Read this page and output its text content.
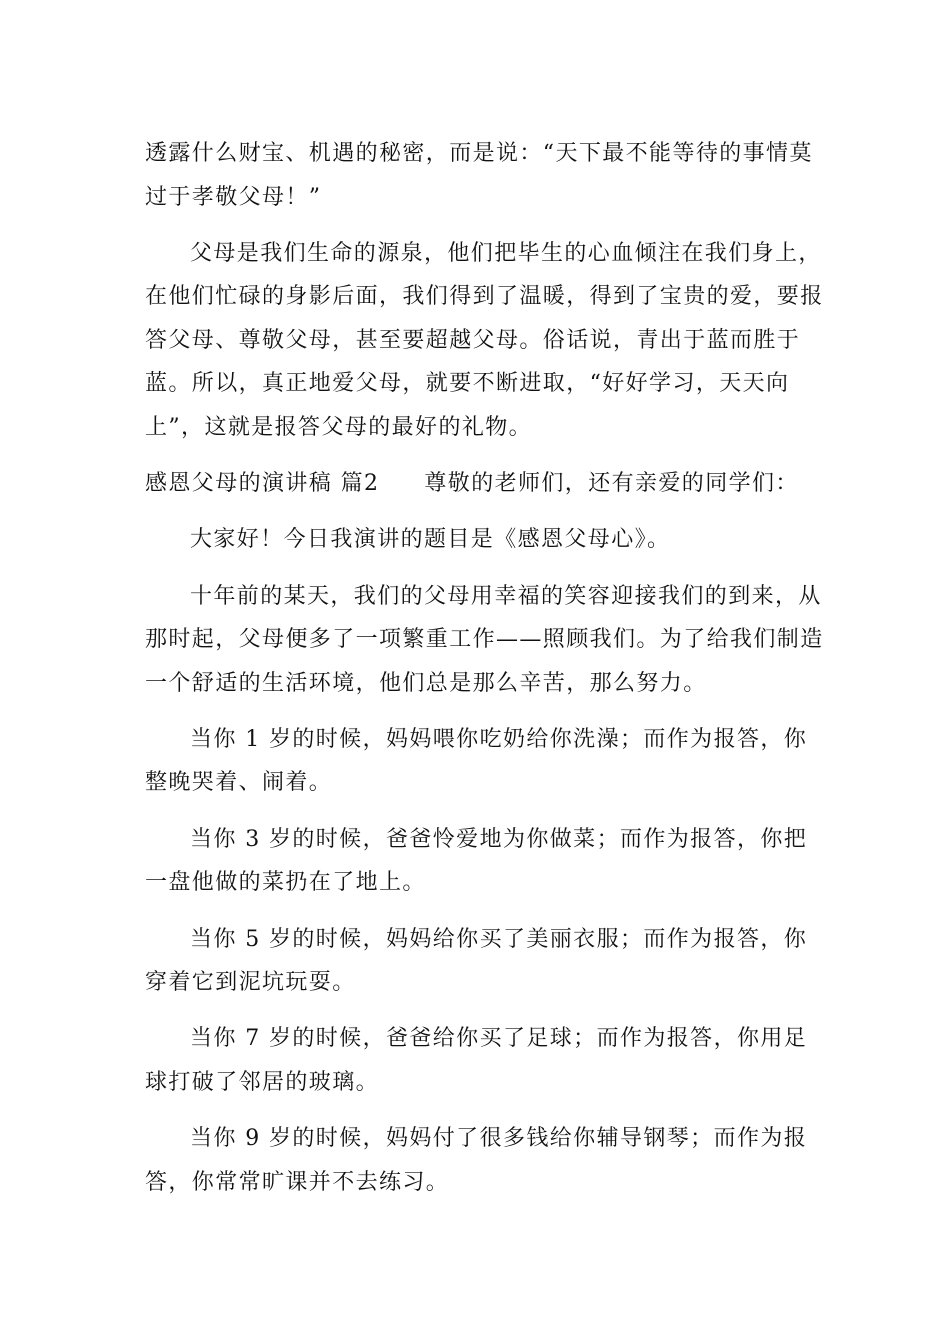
透露什么财宝、机遇的秘密，而是说：“天下最不能等待的事情莫过于孝敬父母！”

父母是我们生命的源泉，他们把毕生的心血倾注在我们身上，在他们忙碌的身影后面，我们得到了温暖，得到了宝贵的爱，要报答父母、尊敬父母，甚至要超越父母。俗话说，青出于蓝而胜于蓝。所以，真正地爱父母，就要不断进取，“好好学习，天天向上”，这就是报答父母的最好的礼物。

感恩父母的演讲稿 篇2 尊敬的老师们，还有亲爱的同学们：

大家好！今日我演讲的题目是《感恩父母心》。

十年前的某天，我们的父母用幸福的笑容迎接我们的到来，从那时起，父母便多了一项繁重工作——照顾我们。为了给我们制造一个舒适的生活环境，他们总是那么辛苦，那么努力。

当你 1 岁的时候，妈妈喂你吃奶给你洗澡；而作为报答，你整晚哭着、闹着。

当你 3 岁的时候，爸爸怜爱地为你做菜；而作为报答，你把一盘他做的菜扔在了地上。

当你 5 岁的时候，妈妈给你买了美丽衣服；而作为报答，你穿着它到泥坑玩耍。

当你 7 岁的时候，爸爸给你买了足球；而作为报答，你用足球打破了邻居的玻璃。

当你 9 岁的时候，妈妈付了很多钱给你辅导钢琴；而作为报答，你常常旷课并不去练习。
